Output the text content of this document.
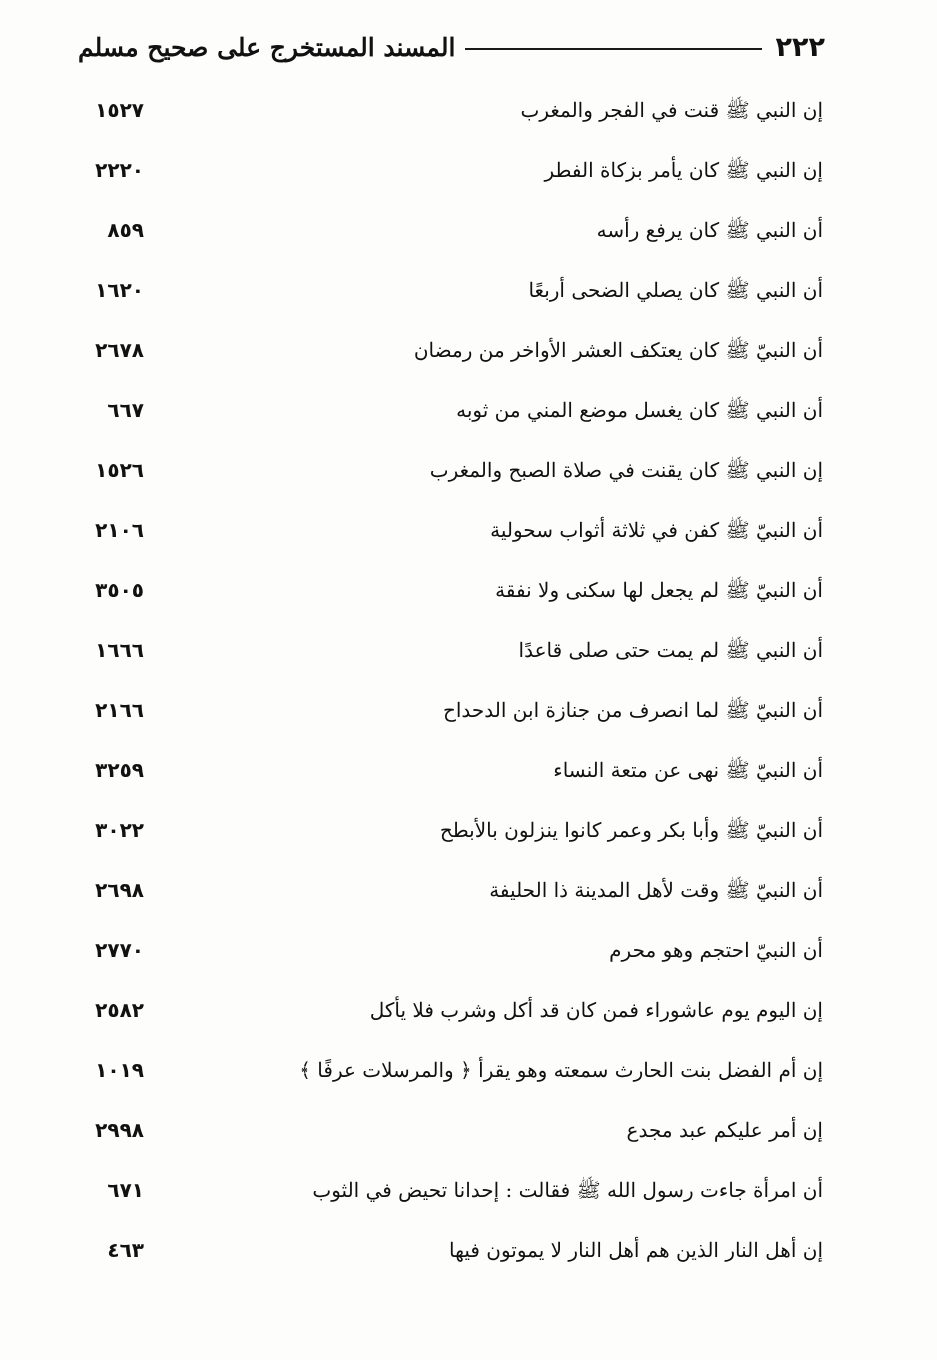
٢٢٢
المسند المستخرج على صحيح مسلم
إن النبي ﷺ قنت في الفجر والمغرب
١٥٢٧
إن النبي ﷺ كان يأمر بزكاة الفطر
٢٢٢٠
أن النبي ﷺ كان يرفع رأسه
٨٥٩
أن النبي ﷺ كان يصلي الضحى أربعًا
١٦٢٠
أن النبيّ ﷺ كان يعتكف العشر الأواخر من رمضان
٢٦٧٨
أن النبي ﷺ كان يغسل موضع المني من ثوبه
٦٦٧
إن النبي ﷺ كان يقنت في صلاة الصبح والمغرب
١٥٢٦
أن النبيّ ﷺ كفن في ثلاثة أثواب سحولية
٢١٠٦
أن النبيّ ﷺ لم يجعل لها سكنى ولا نفقة
٣٥٠٥
أن النبي ﷺ لم يمت حتى صلى قاعدًا
١٦٦٦
أن النبيّ ﷺ لما انصرف من جنازة ابن الدحداح
٢١٦٦
أن النبيّ ﷺ نهى عن متعة النساء
٣٢٥٩
أن النبيّ ﷺ وأبا بكر وعمر كانوا ينزلون بالأبطح
٣٠٢٢
أن النبيّ ﷺ وقت لأهل المدينة ذا الحليفة
٢٦٩٨
أن النبيّ احتجم وهو محرم
٢٧٧٠
إن اليوم يوم عاشوراء فمن كان قد أكل وشرب فلا يأكل
٢٥٨٢
إن أم الفضل بنت الحارث سمعته وهو يقرأ ﴿ والمرسلات عرفًا ﴾
١٠١٩
إن أمر عليكم عبد مجدع
٢٩٩٨
أن امرأة جاءت رسول الله ﷺ فقالت : إحدانا تحيض في الثوب
٦٧١
إن أهل النار الذين هم أهل النار لا يموتون فيها
٤٦٣
